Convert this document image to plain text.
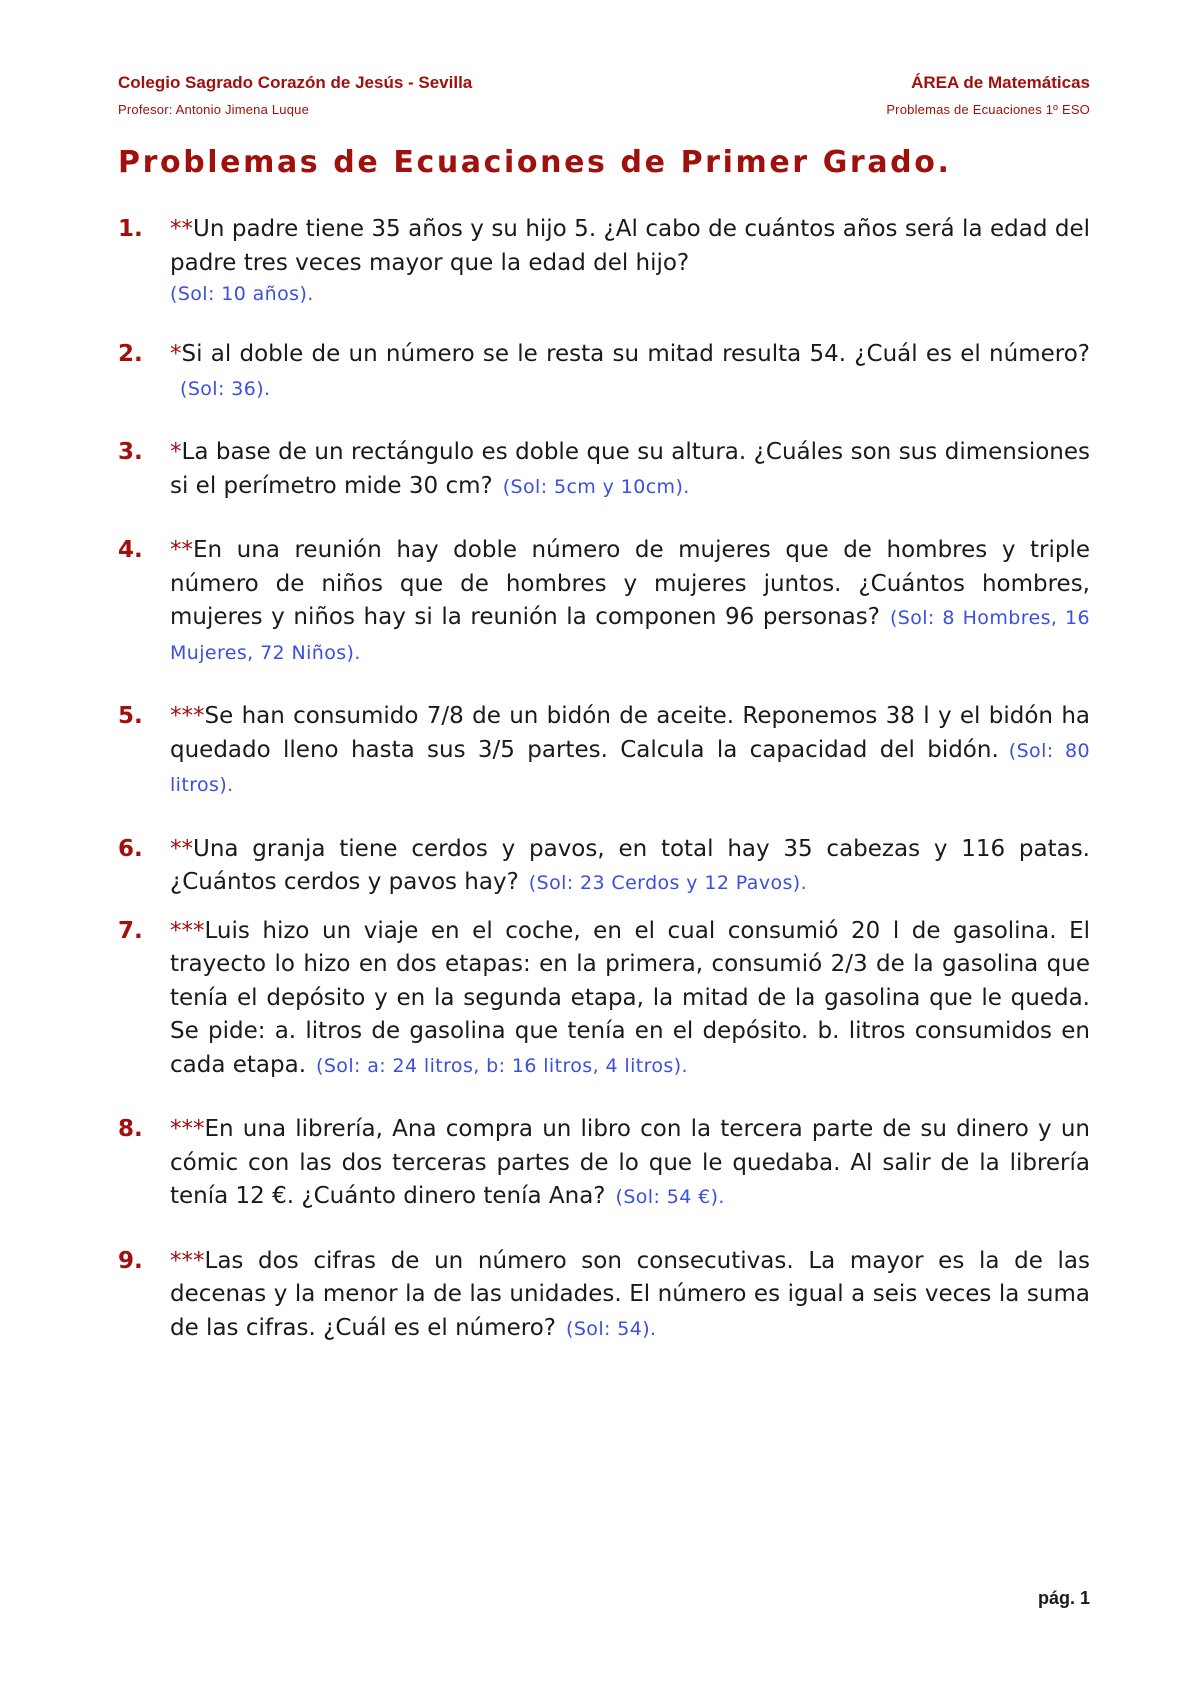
Colegio Sagrado Corazón de Jesús - Sevilla	ÁREA de Matemáticas
Profesor: Antonio Jimena Luque	Problemas de Ecuaciones 1º ESO
Problemas de Ecuaciones de Primer Grado.
1. **Un padre tiene 35 años y su hijo 5. ¿Al cabo de cuántos años será la edad del padre tres veces mayor que la edad del hijo?
(Sol: 10 años).
2. *Si al doble de un número se le resta su mitad resulta 54. ¿Cuál es el número?(Sol: 36).
3. *La base de un rectángulo es doble que su altura. ¿Cuáles son sus dimensiones si el perímetro mide 30 cm? (Sol: 5cm y 10cm).
4. **En una reunión hay doble número de mujeres que de hombres y triple número de niños que de hombres y mujeres juntos. ¿Cuántos hombres, mujeres y niños hay si la reunión la componen 96 personas? (Sol: 8 Hombres, 16 Mujeres, 72 Niños).
5. ***Se han consumido 7/8 de un bidón de aceite. Reponemos 38 l y el bidón ha quedado lleno hasta sus 3/5 partes. Calcula la capacidad del bidón. (Sol: 80 litros).
6. **Una granja tiene cerdos y pavos, en total hay 35 cabezas y 116 patas. ¿Cuántos cerdos y pavos hay? (Sol: 23 Cerdos y 12 Pavos).
7. ***Luis hizo un viaje en el coche, en el cual consumió 20 l de gasolina. El trayecto lo hizo en dos etapas: en la primera, consumió 2/3 de la gasolina que tenía el depósito y en la segunda etapa, la mitad de la gasolina que le queda. Se pide: a. litros de gasolina que tenía en el depósito. b. litros consumidos en cada etapa. (Sol: a: 24 litros, b: 16 litros, 4 litros).
8. ***En una librería, Ana compra un libro con la tercera parte de su dinero y un cómic con las dos terceras partes de lo que le quedaba. Al salir de la librería tenía 12 €. ¿Cuánto dinero tenía Ana? (Sol: 54 €).
9. ***Las dos cifras de un número son consecutivas. La mayor es la de las decenas y la menor la de las unidades. El número es igual a seis veces la suma de las cifras. ¿Cuál es el número? (Sol: 54).
pág. 1
